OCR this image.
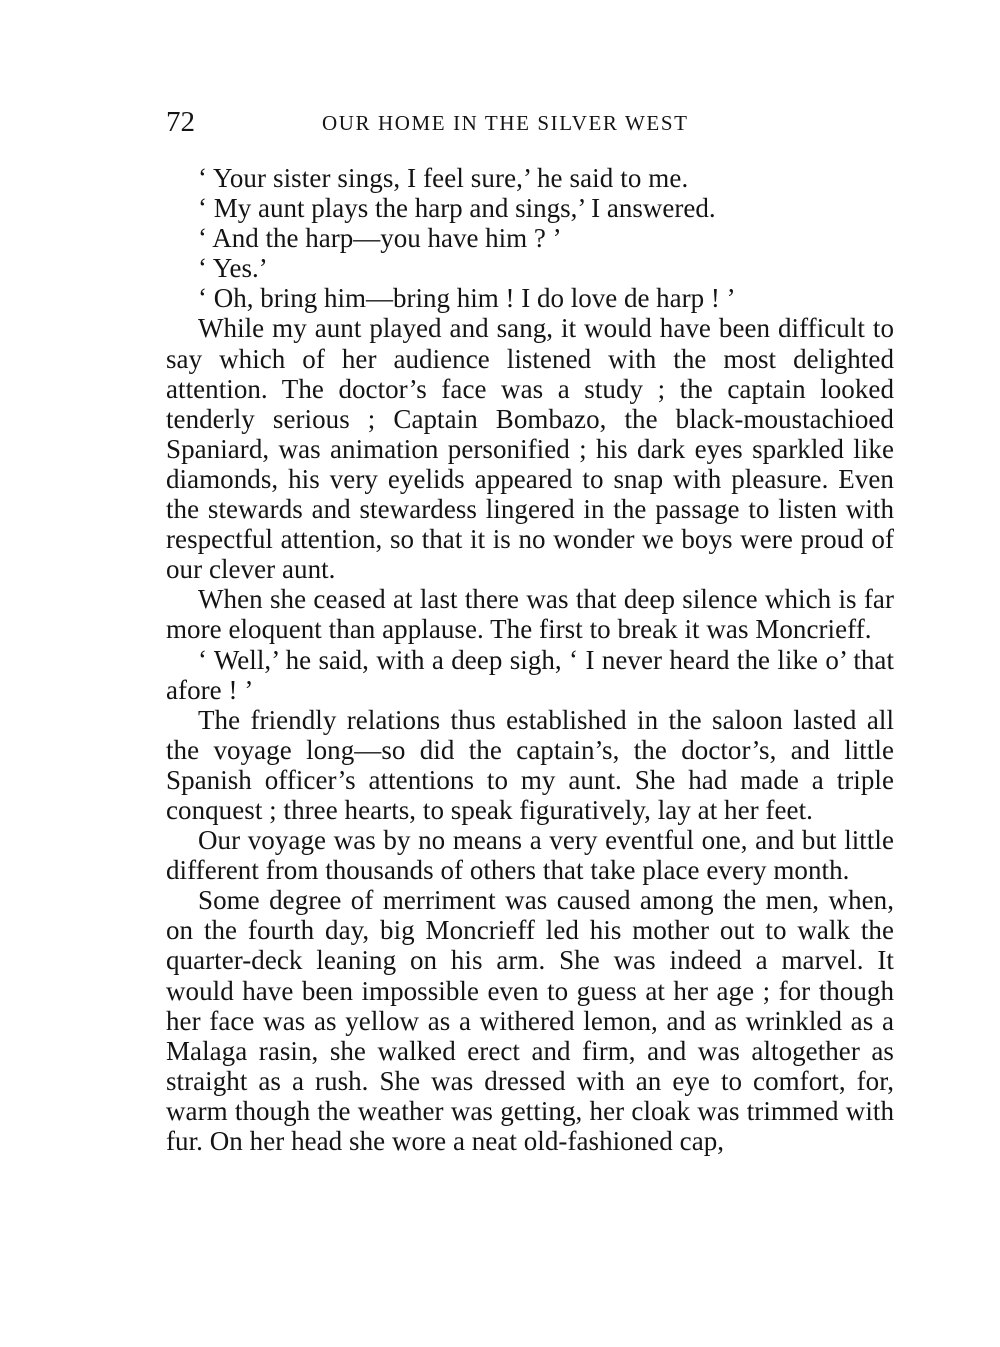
72	OUR HOME IN THE SILVER WEST

‘ Your sister sings, I feel sure,’ he said to me.

‘ My aunt plays the harp and sings,’ I answered.

‘ And the harp—you have him ? ’

‘ Yes.’

‘ Oh, bring him—bring him ! I do love de harp ! ’

While my aunt played and sang, it would have been difficult to say which of her audience listened with the most delighted attention. The doctor’s face was a study ; the captain looked tenderly serious ; Captain Bombazo, the black-moustachioed Spaniard, was animation personified ; his dark eyes sparkled like diamonds, his very eyelids appeared to snap with pleasure. Even the stewards and stewardess lingered in the passage to listen with respectful attention, so that it is no wonder we boys were proud of our clever aunt.

When she ceased at last there was that deep silence which is far more eloquent than applause. The first to break it was Moncrieff.

‘ Well,’ he said, with a deep sigh, ‘ I never heard the like o’ that afore ! ’

The friendly relations thus established in the saloon lasted all the voyage long—so did the captain’s, the doctor’s, and little Spanish officer’s attentions to my aunt. She had made a triple conquest ; three hearts, to speak figuratively, lay at her feet.

Our voyage was by no means a very eventful one, and but little different from thousands of others that take place every month.

Some degree of merriment was caused among the men, when, on the fourth day, big Moncrieff led his mother out to walk the quarter-deck leaning on his arm. She was indeed a marvel. It would have been impossible even to guess at her age ; for though her face was as yellow as a withered lemon, and as wrinkled as a Malaga rasin, she walked erect and firm, and was altogether as straight as a rush. She was dressed with an eye to comfort, for, warm though the weather was getting, her cloak was trimmed with fur. On her head she wore a neat old-fashioned cap,
